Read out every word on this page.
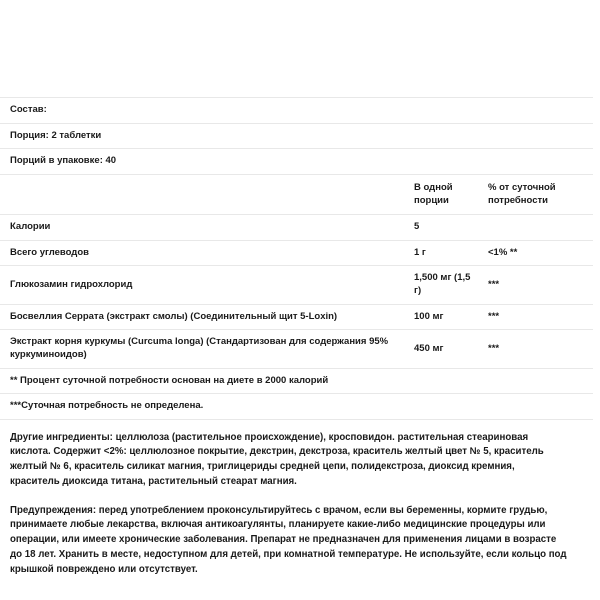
Состав:		
Порция: 2 таблетки		
Порций в упаковке: 40		
	В одной порции	% от суточной потребности
Калории	5	
Всего углеводов	1 г	<1% **
Глюкозамин гидрохлорид	1,500 мг (1,5 г)	***
Босвеллия Серрата (экстракт смолы) (Соединительный щит 5-Loxin)	100 мг	***
Экстракт корня куркумы (Curcuma longa) (Стандартизован для содержания 95% куркуминоидов)	450 мг	***
** Процент суточной потребности основан на диете в 2000 калорий		
***Суточная потребность не определена.		
Другие ингредиенты: целлюлоза (растительное происхождение), кросповидон. растительная стеариновая кислота. Содержит <2%: целлюлозное покрытие, декстрин, декстроза, краситель желтый цвет № 5, краситель желтый № 6, краситель силикат магния, триглицериды средней цепи, полидекстроза, диоксид кремния, краситель диоксида титана, растительный стеарат магния.
Предупреждения: перед употреблением проконсультируйтесь с врачом, если вы беременны, кормите грудью, принимаете любые лекарства, включая антикоагулянты, планируете какие-либо медицинские процедуры или операции, или имеете хронические заболевания. Препарат не предназначен для применения лицами в возрасте до 18 лет. Хранить в месте, недоступном для детей, при комнатной температуре. Не используйте, если кольцо под крышкой повреждено или отсутствует.
